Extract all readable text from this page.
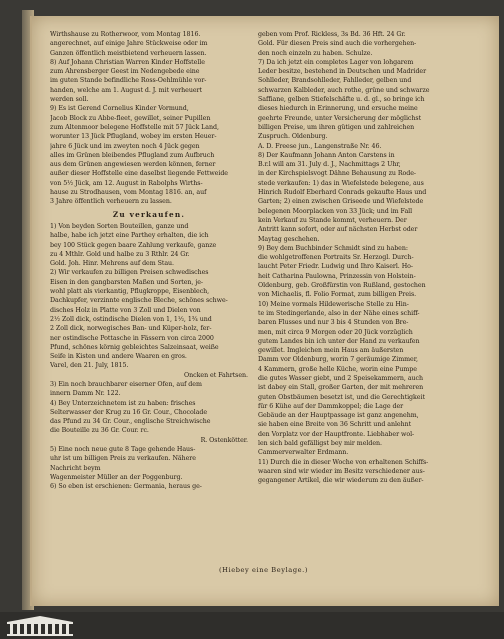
Wirthshause zu Rotherwoor, vom Montag 1816.

angerechnet, auf einige Jahre Stückweise oder im

Ganzen öffentlich meistbietend verheuern lassen.

8) Auf Johann Christian Warren Kinder Hoffstelle

zum Ahrensberger Geest im Nedengebede eine

im guten Stande befindliche Ross-Oehlmühle vor-

handen, welche am 1. August d. J. mit verheuert

werden soll.

9) Es ist Gerend Cornelius Kinder Vormund,

Jacob Block zu Abbe-fleet, gewillet, seiner Pupillen

zum Altenmoor belegene Hoffstelle mit 57 Jück Land,

worunter 13 Jück Pflugland, wobey im ersten Heuer-

jahre 6 Jück und im zweyten noch 4 Jück gegen

alles im Grünen bleibendes Pflugland zum Aufbruch

aus dem Grünen angewiesen werden können, ferner

außer dieser Hoffstelle eine daselbst liegende Fettweide

von 5½ Jück, am 12. August in Rabolphs Wirths-

hause zu Strodhausen, vom Montag 1816. an, auf

3 Jahre öffentlich verheuern zu lassen.

Zu verkaufen.

1) Von beyden Sorten Bouteillen, ganze und

halbe, habe ich jetzt eine Parthey erhalten, die ich

bey 100 Stück gegen baare Zahlung verkaufe, ganze

zu 4 Mthlr. Gold und halbe zu 3 Rthlr. 24 Gr.

Gold. Joh. Hinr. Mehrens auf dem Stau.

2) Wir verkaufen zu billigen Preisen schwedisches

Eisen in den gangbarsten Maßen und Sorten, je-

wohl platt als vierkantig, Pflugkroppe, Eisenblech,

Dachkupfer, verzinnte englische Bleche, schönes schwe-

disches Holz in Platte von 3 Zoll und Dielen von

2½ Zoll dick, ostindische Dielen von 1, 1½, 1¾ und

2 Zoll dick, norwegisches Ban- und Küper-holz, fer-

ner ostindische Pottasche in Fässern von circa 2000

Pfund, schönes körnig gebleichtes Salzeinsaat, weiße

Seife in Kisten und andere Waaren en gros.

Varel, den 21. July, 1815.

Oncken et Fahrtsen.

3) Ein noch brauchbarer eiserner Ofen, auf dem

innern Damm Nr. 122.

4) Bey Unterzeichnetem ist zu haben: frisches

Selterwasser der Krug zu 16 Gr. Cour., Chocolade

das Pfund zu 34 Gr. Cour., englische Streichwische

die Bouteille zu 36 Gr. Cour. rc.

R. Ostenkötter.

5) Eine noch neue gute 8 Tage gehende Haus-

uhr ist um billigen Preis zu verkaufen. Nähere

Nachricht beym

Wagenmeister Müller an der Poggenburg.

6) So eben ist erschienen: Germania, heraus ge-

geben vom Prof. Rickless, 3s Bd. 36 Hft. 24 Gr.

Gold. Für diesen Preis sind auch die vorhergehen-

den noch einzeln zu haben. Schulze.

7) Da ich jetzt ein completes Lager von lohgarem

Leder besitze, bestehend in Deutschen und Madrider

Sohlleder, Brandsohlleder, Fahlleder, gelben und

schwarzen Kalbleder, auch rothe, grüne und schwarze

Saffiane, gelben Stiefelschäfte u. d. gl., so bringe ich

dieses hiedurch in Erinnerung, und ersuche meine

geehrte Freunde, unter Versicherung der möglichst

billigen Preise, um ihren gütigen und zahlreichen

Zuspruch. Oldenburg.

A. D. Freese jun., Langenstraße Nr. 46.

8) Der Kaufmann Johann Anton Carstens in

B.r.l will am 31. July d. J., Nachmittags 2 Uhr,

in der Kirchspielsvogt Dähne Behausung zu Rode-

stede verkaufen: 1) das in Wiefelstede belegene, aus

Hinrich Rudolf Eberhard Conrads gekaufte Haus und

Garten; 2) einen zwischen Griseede und Wiefelstede

belegenen Moorplacken von 33 Jück; und im Fall

kein Verkauf zu Stande kommt, verheuern. Der

Antritt kann sofort, oder auf nächsten Herbst oder

Maytag geschehen.

9) Bey dem Buchbinder Schmidt sind zu haben:

die wohlgetroffenen Portraits Sr. Herzogl. Durch-

laucht Peter Friedr. Ludwig und Ihro Kaiserl. Ho-

heit Catharina Paulowna, Prinzessin von Holstein-

Oldenburg, geb. Großfürstin von Rußland, gestochen

von Michaelis, fl. Folio Format, zum billigen Preis.

10) Meine vormals Hildewerische Stelle zu Hin-

te im Stedingerlande, also in der Nähe eines schiff-

baren Flusses und nur 3 bis 4 Stunden von Bre-

men, mit circa 9 Morgen oder 20 Jück vorzüglich

gutem Landes bin ich unter der Hand zu verkaufen

gewillet. Imgleichen mein Haus am äußersten

Damm vor Oldenburg, worin 7 geräumige Zimmer,

4 Kammern, große helle Küche, worin eine Pumpe

die gutes Wasser giebt, und 2 Speisekammern, auch

ist dabey ein Stall, großer Garten, der mit mehreren

guten Obstbäumen besetzt ist, und die Gerechtigkeit

für 6 Kühe auf der Dammkoppel; die Lage der

Gebäude an der Hauptpassage ist ganz angenehm,

sie haben eine Breite von 36 Schritt und anlehnt

den Vorplatz vor der Hauptfronte. Liebhaber wol-

len sich bald gefälligst bey mir melden.

Cammerverwalter Erdmann.

11) Durch die in dieser Woche von erhaltenen Schiffs-

waaren sind wir wieder im Besitz verschiedener aus-

gegangener Artikel, die wir wiederum zu den äußer-

(Hiebey eine Beylage.)
